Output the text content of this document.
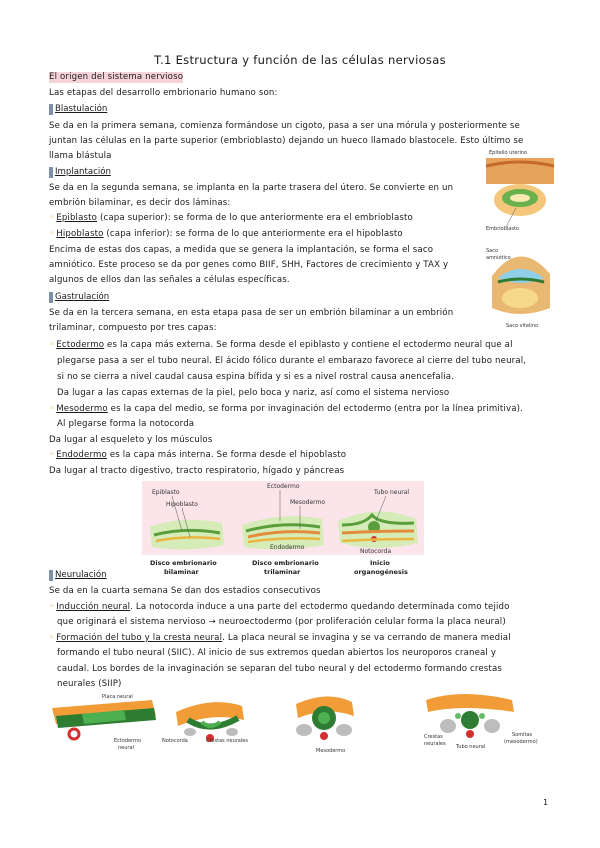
T.1 Estructura y función de las células nerviosas
El origen del sistema nervioso
Las etapas del desarrollo embrionario humano son:
Blastulación
Se da en la primera semana, comienza formándose un cigoto, pasa a ser una mórula y posteriormente se
juntan las células en la parte superior (embrioblasto) dejando un hueco llamado blastocele. Esto último se
llama blástula
Implantación
Se da en la segunda semana, se implanta en la parte trasera del útero. Se convierte en un
embrión bilaminar, es decir dos láminas:
◦ Epiblasto (capa superior): se forma de lo que anteriormente era el embrioblasto
◦ Hipoblasto (capa inferior): se forma de lo que anteriormente era el hipoblasto
Encima de estas dos capas, a medida que se genera la implantación, se forma el saco
amniótico. Este proceso se da por genes como BIIF, SHH, Factores de crecimiento y TAX y
algunos de ellos dan las señales a células específicas.
Epitelio uterino
Embrioblasto
Saco
amniótico
Saco vitelino
Gastrulación
Se da en la tercera semana, en esta etapa pasa de ser un embrión bilaminar a un embrión
trilaminar, compuesto por tres capas:
◦ Ectodermo es la capa más externa. Se forma desde el epiblasto y contiene el ectodermo neural que al
plegarse pasa a ser el tubo neural. El ácido fólico durante el embarazo favorece al cierre del tubo neural,
si no se cierra a nivel caudal causa espina bífida y si es a nivel rostral causa anencefalia.
Da lugar a las capas externas de la piel, pelo boca y nariz, así como el sistema nervioso
◦ Mesodermo es la capa del medio, se forma por invaginación del ectodermo (entra por la línea primitiva).
Al plegarse forma la notocorda
Da lugar al esqueleto y los músculos
◦ Endodermo es la capa más interna. Se forma desde el hipoblasto
Da lugar al tracto digestivo, tracto respiratorio, hígado y páncreas
Epiblasto
Hipoblasto
Ectodermo
Mesodermo
Endodermo
Tubo neural
Notocorda
Disco embrionario
bilaminar
Disco embrionario
trilaminar
Inicio
organogénesis
Neurulación
Se da en la cuarta semana Se dan dos estadios consecutivos
◦ Inducción neural. La notocorda induce a una parte del ectodermo quedando determinada como tejido
que originará el sistema nervioso → neuroectodermo (por proliferación celular forma la placa neural)
◦ Formación del tubo y la cresta neural. La placa neural se invagina y se va cerrando de manera medial
formando el tubo neural (SIIC). Al inicio de sus extremos quedan abiertos los neuroporos craneal y
caudal. Los bordes de la invaginación se separan del tubo neural y del ectodermo formando crestas
neurales (SIIP)
Placa neural
Ectodermo
neural
Notocorda	Crestas neurales
Mesodermo
Crestas
neurales Tubo neural
Somitas
(mesodermo)
1
